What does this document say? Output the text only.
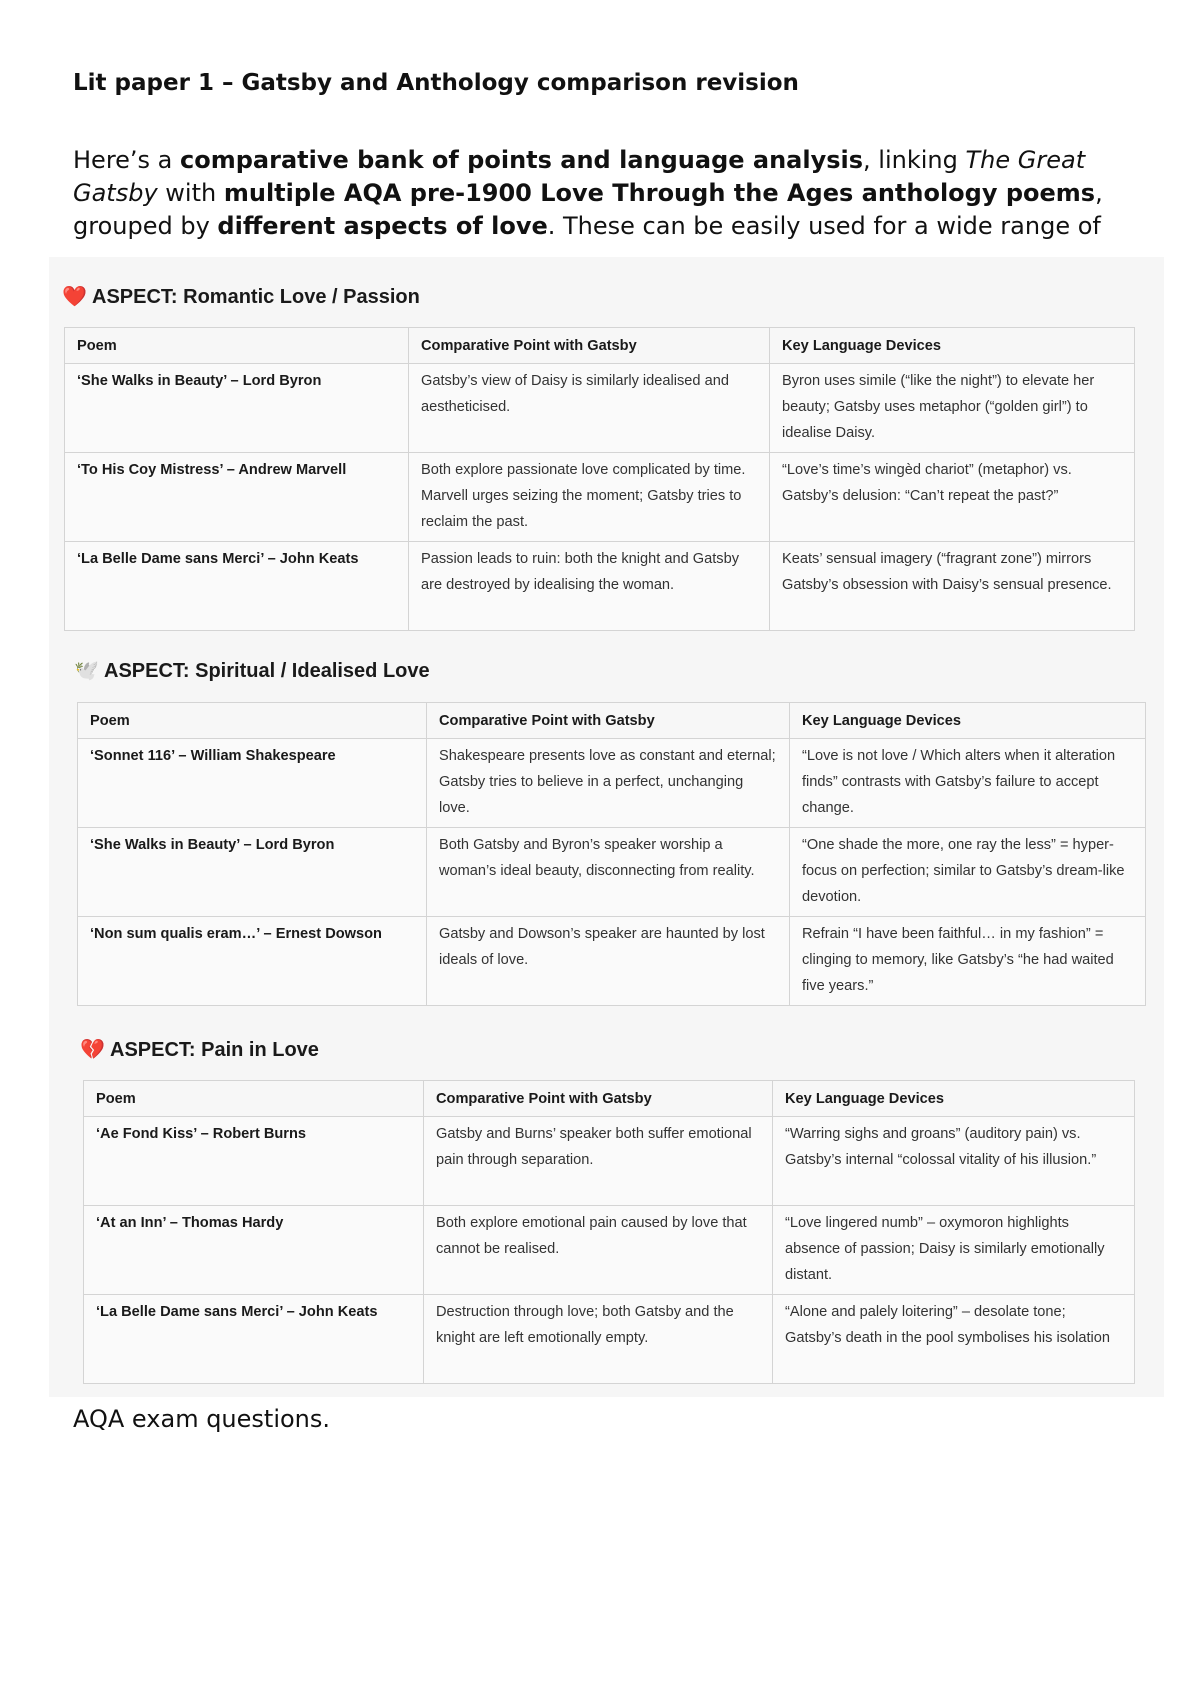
Lit paper 1 – Gatsby and Anthology comparison revision

Here’s a comparative bank of points and language analysis, linking The Great Gatsby with multiple AQA pre-1900 Love Through the Ages anthology poems, grouped by different aspects of love. These can be easily used for a wide range of

❤️ ASPECT: Romantic Love / Passion
Poem	Comparative Point with Gatsby	Key Language Devices
‘She Walks in Beauty’ – Lord Byron	Gatsby’s view of Daisy is similarly idealised and aestheticised.	Byron uses simile (“like the night”) to elevate her beauty; Gatsby uses metaphor (“golden girl”) to idealise Daisy.
‘To His Coy Mistress’ – Andrew Marvell	Both explore passionate love complicated by time. Marvell urges seizing the moment; Gatsby tries to reclaim the past.	“Love’s time’s wingèd chariot” (metaphor) vs. Gatsby’s delusion: “Can’t repeat the past?”
‘La Belle Dame sans Merci’ – John Keats	Passion leads to ruin: both the knight and Gatsby are destroyed by idealising the woman.	Keats’ sensual imagery (“fragrant zone”) mirrors Gatsby’s obsession with Daisy’s sensual presence.
🕊️ ASPECT: Spiritual / Idealised Love
Poem	Comparative Point with Gatsby	Key Language Devices
‘Sonnet 116’ – William Shakespeare	Shakespeare presents love as constant and eternal; Gatsby tries to believe in a perfect, unchanging love.	“Love is not love / Which alters when it alteration finds” contrasts with Gatsby’s failure to accept change.
‘She Walks in Beauty’ – Lord Byron	Both Gatsby and Byron’s speaker worship a woman’s ideal beauty, disconnecting from reality.	“One shade the more, one ray the less” = hyper-focus on perfection; similar to Gatsby’s dream-like devotion.
‘Non sum qualis eram…’ – Ernest Dowson	Gatsby and Dowson’s speaker are haunted by lost ideals of love.	Refrain “I have been faithful… in my fashion” = clinging to memory, like Gatsby’s “he had waited five years.”
💔 ASPECT: Pain in Love
Poem	Comparative Point with Gatsby	Key Language Devices
‘Ae Fond Kiss’ – Robert Burns	Gatsby and Burns’ speaker both suffer emotional pain through separation.	“Warring sighs and groans” (auditory pain) vs. Gatsby’s internal “colossal vitality of his illusion.”
‘At an Inn’ – Thomas Hardy	Both explore emotional pain caused by love that cannot be realised.	“Love lingered numb” – oxymoron highlights absence of passion; Daisy is similarly emotionally distant.
‘La Belle Dame sans Merci’ – John Keats	Destruction through love; both Gatsby and the knight are left emotionally empty.	“Alone and palely loitering” – desolate tone; Gatsby’s death in the pool symbolises his isolation

AQA exam questions.
